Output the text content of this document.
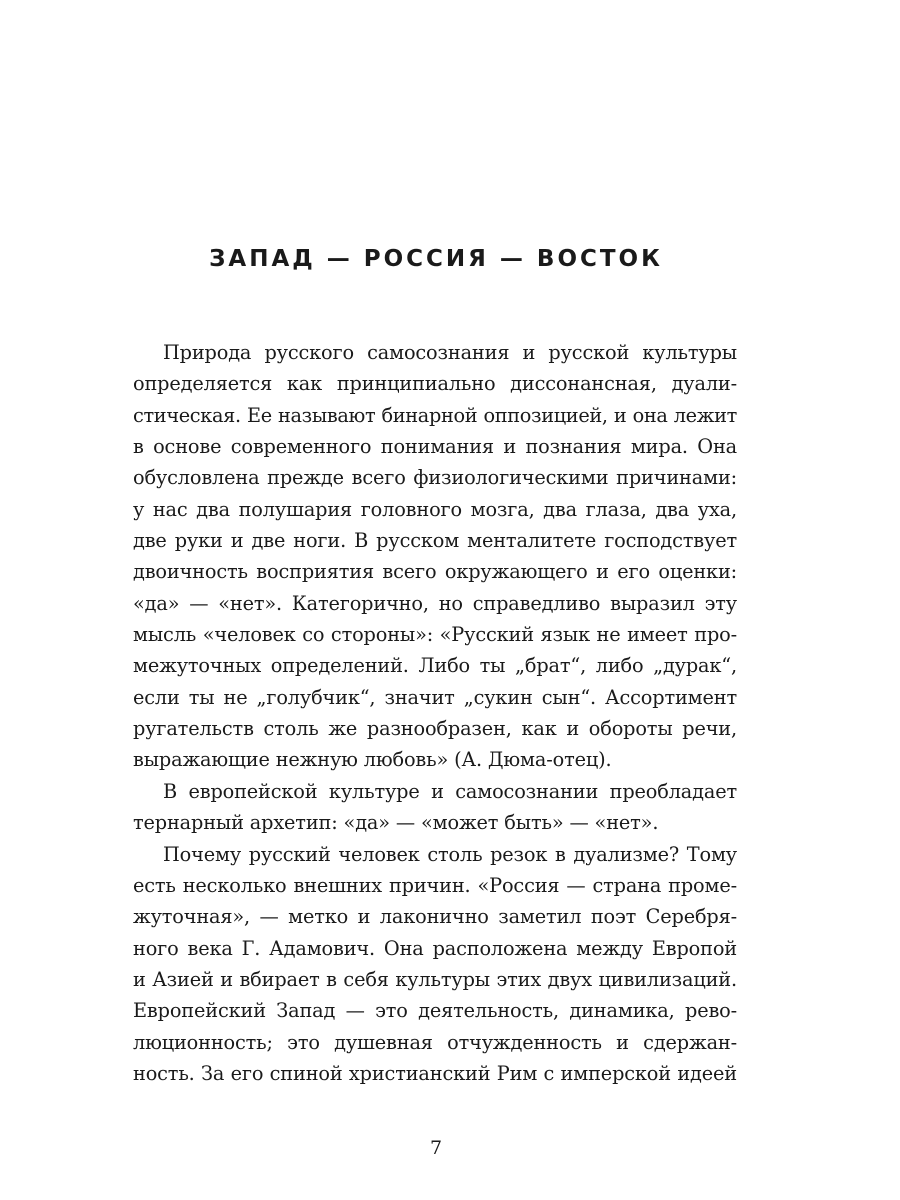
ЗАПАД — РОССИЯ — ВОСТОК
Природа русского самосознания и русской культуры
определяется как принципиально диссонансная, дуали-
стическая. Ее называют бинарной оппозицией, и она лежит
в основе современного понимания и познания мира. Она
обусловлена прежде всего физиологическими причинами:
у нас два полушария головного мозга, два глаза, два уха,
две руки и две ноги. В русском менталитете господствует
двоичность восприятия всего окружающего и его оценки:
«да» — «нет». Категорично, но справедливо выразил эту
мысль «человек со стороны»: «Русский язык не имеет про-
межуточных определений. Либо ты „брат“, либо „дурак“,
если ты не „голубчик“, значит „сукин сын“. Ассортимент
ругательств столь же разнообразен, как и обороты речи,
выражающие нежную любовь» (А. Дюма-отец).
В европейской культуре и самосознании преобладает
тернарный архетип: «да» — «может быть» — «нет».
Почему русский человек столь резок в дуализме? Тому
есть несколько внешних причин. «Россия — страна проме-
жуточная», — метко и лаконично заметил поэт Серебря-
ного века Г. Адамович. Она расположена между Европой
и Азией и вбирает в себя культуры этих двух цивилизаций.
Европейский Запад — это деятельность, динамика, рево-
люционность; это душевная отчужденность и сдержан-
ность. За его спиной христианский Рим с имперской идеей
7
